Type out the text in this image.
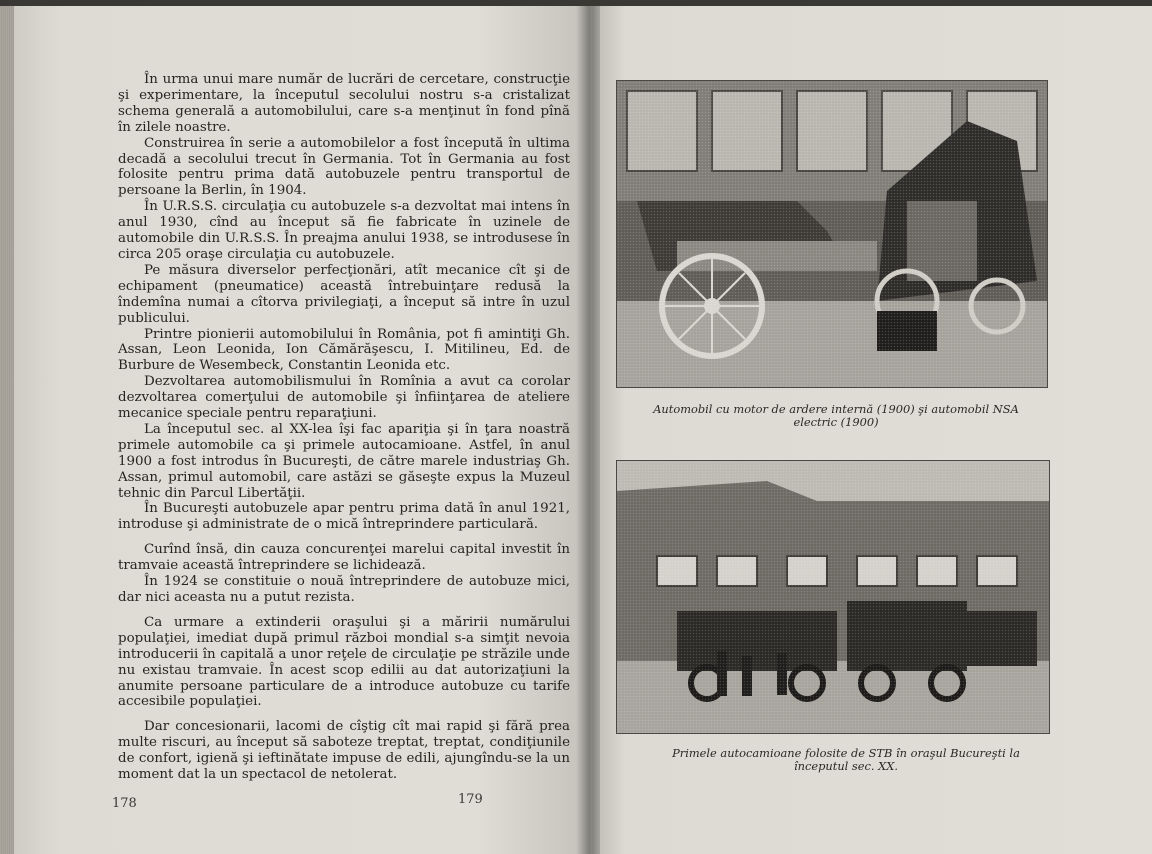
În urma unui mare număr de lucrări de cercetare, construcţie şi experimentare, la începutul secolului nostru s-a cristalizat schema generală a automobilului, care s-a menţinut în fond pînă în zilele noastre.

Construirea în serie a automobilelor a fost începută în ultima decadă a secolului trecut în Germania. Tot în Germania au fost folosite pentru prima dată autobuzele pentru transportul de persoane la Berlin, în 1904.

În U.R.S.S. circulaţia cu autobuzele s-a dezvoltat mai intens în anul 1930, cînd au început să fie fabricate în uzinele de automobile din U.R.S.S. În preajma anului 1938, se introdusese în circa 205 oraşe circulaţia cu autobuzele.

Pe măsura diverselor perfecţionări, atît mecanice cît şi de echipament (pneumatice) această întrebuinţare redusă la îndemîna numai a cîtorva privilegiaţi, a început să intre în uzul publicului.

Printre pionierii automobilului în România, pot fi amintiţi Gh. Assan, Leon Leonida, Ion Cămărăşescu, I. Mitilineu, Ed. de Burbure de Wesembeck, Constantin Leonida etc.

Dezvoltarea automobilismului în Romînia a avut ca corolar dezvoltarea comerţului de automobile şi înfiinţarea de ateliere mecanice speciale pentru reparaţiuni.

La începutul sec. al XX-lea îşi fac apariţia şi în ţara noastră primele automobile ca şi primele autocamioane. Astfel, în anul 1900 a fost introdus în Bucureşti, de către marele industriaş Gh. Assan, primul automobil, care astăzi se găseşte expus la Muzeul tehnic din Parcul Libertăţii.

În Bucureşti autobuzele apar pentru prima dată în anul 1921, introduse şi administrate de o mică întreprindere particulară.

Curînd însă, din cauza concurenţei marelui capital investit în tramvaie această întreprindere se lichidează.

În 1924 se constituie o nouă întreprindere de autobuze mici, dar nici aceasta nu a putut rezista.

Ca urmare a extinderii oraşului şi a măririi numărului populaţiei, imediat după primul război mondial s-a simţit nevoia introducerii în capitală a unor reţele de circulaţie pe străzile unde nu existau tramvaie. În acest scop edilii au dat autorizaţiuni la anumite persoane particulare de a introduce autobuze cu tarife accesibile populaţiei.

Dar concesionarii, lacomi de cîştig cît mai rapid şi fără prea multe riscuri, au început să saboteze treptat, treptat, condiţiunile de confort, igienă şi ieftinătate impuse de edili, ajungîndu-se la un moment dat la un spectacol de netolerat.

178
Automobil cu motor de ardere internă (1900) şi automobil NSA electric (1900)
Primele autocamioane folosite de STB în oraşul Bucureşti la începutul sec. XX.
179
